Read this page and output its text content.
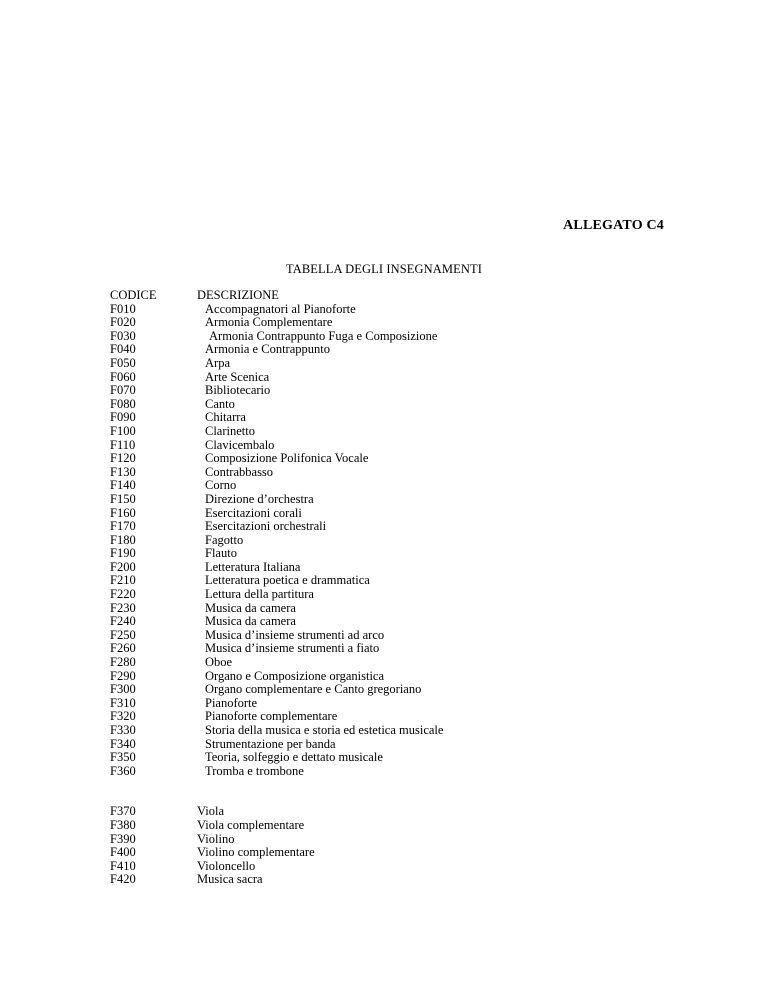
ALLEGATO C4
TABELLA DEGLI INSEGNAMENTI
CODICE	DESCRIZIONE
F010	Accompagnatori al Pianoforte
F020	Armonia Complementare
F030	Armonia Contrappunto Fuga e Composizione
F040	Armonia e Contrappunto
F050	Arpa
F060	Arte Scenica
F070	Bibliotecario
F080	Canto
F090	Chitarra
F100	Clarinetto
F110	Clavicembalo
F120	Composizione Polifonica Vocale
F130	Contrabbasso
F140	Corno
F150	Direzione d’orchestra
F160	Esercitazioni corali
F170	Esercitazioni orchestrali
F180	Fagotto
F190	Flauto
F200	Letteratura Italiana
F210	Letteratura poetica e drammatica
F220	Lettura della partitura
F230	Musica da camera
F240	Musica da camera
F250	Musica d’insieme strumenti ad arco
F260	Musica d’insieme strumenti a fiato
F280	Oboe
F290	Organo e Composizione organistica
F300	Organo complementare e Canto gregoriano
F310	Pianoforte
F320	Pianoforte complementare
F330	Storia della musica e storia ed estetica musicale
F340	Strumentazione per banda
F350	Teoria, solfeggio e dettato musicale
F360	Tromba e trombone
F370	Viola
F380	Viola complementare
F390	Violino
F400	Violino complementare
F410	Violoncello
F420	Musica sacra
